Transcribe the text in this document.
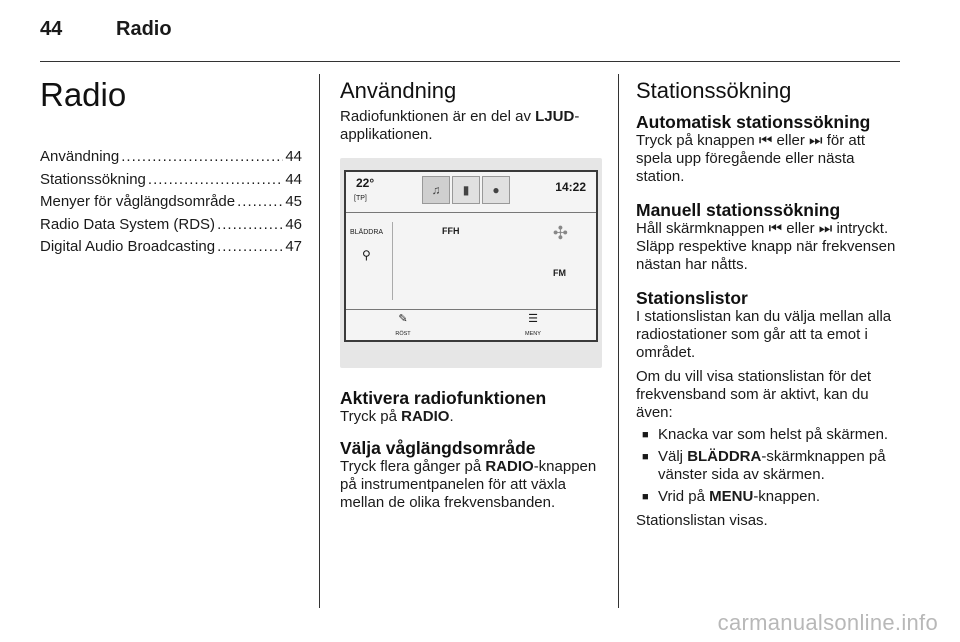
44	Radio
Radio
Användning .....	44
Stationssökning .....	44
Menyer för våglängdsområde .....	45
Radio Data System (RDS) .....	46
Digital Audio Broadcasting .....	47
Användning

Radiofunktionen är en del av LJUD-applikationen.

22°
[TP]
♫	▮	●	14:22
BLÄDDRA
⚲
FFH	✣
FM
✎
RÖST
☰
MENY
Aktivera radiofunktionen

Tryck på RADIO.

Välja våglängdsområde

Tryck flera gånger på RADIO-knappen på instrumentpanelen för att växla mellan de olika frekvensbanden.

Stationssökning
Automatisk stationssökning

Tryck på knappen ⏮ eller ⏭ för att spela upp föregående eller nästa station.

Manuell stationssökning

Håll skärmknappen ⏮ eller ⏭ intryckt. Släpp respektive knapp när frekvensen nästan har nåtts.

Stationslistor

I stationslistan kan du välja mellan alla radiostationer som går att ta emot i området.

Om du vill visa stationslistan för det frekvensband som är aktivt, kan du även:

■ Knacka var som helst på skärmen.
■ Välj BLÄDDRA-skärmknappen på vänster sida av skärmen.
■ Vrid på MENU-knappen.

Stationslistan visas.

carmanualsonline.info
